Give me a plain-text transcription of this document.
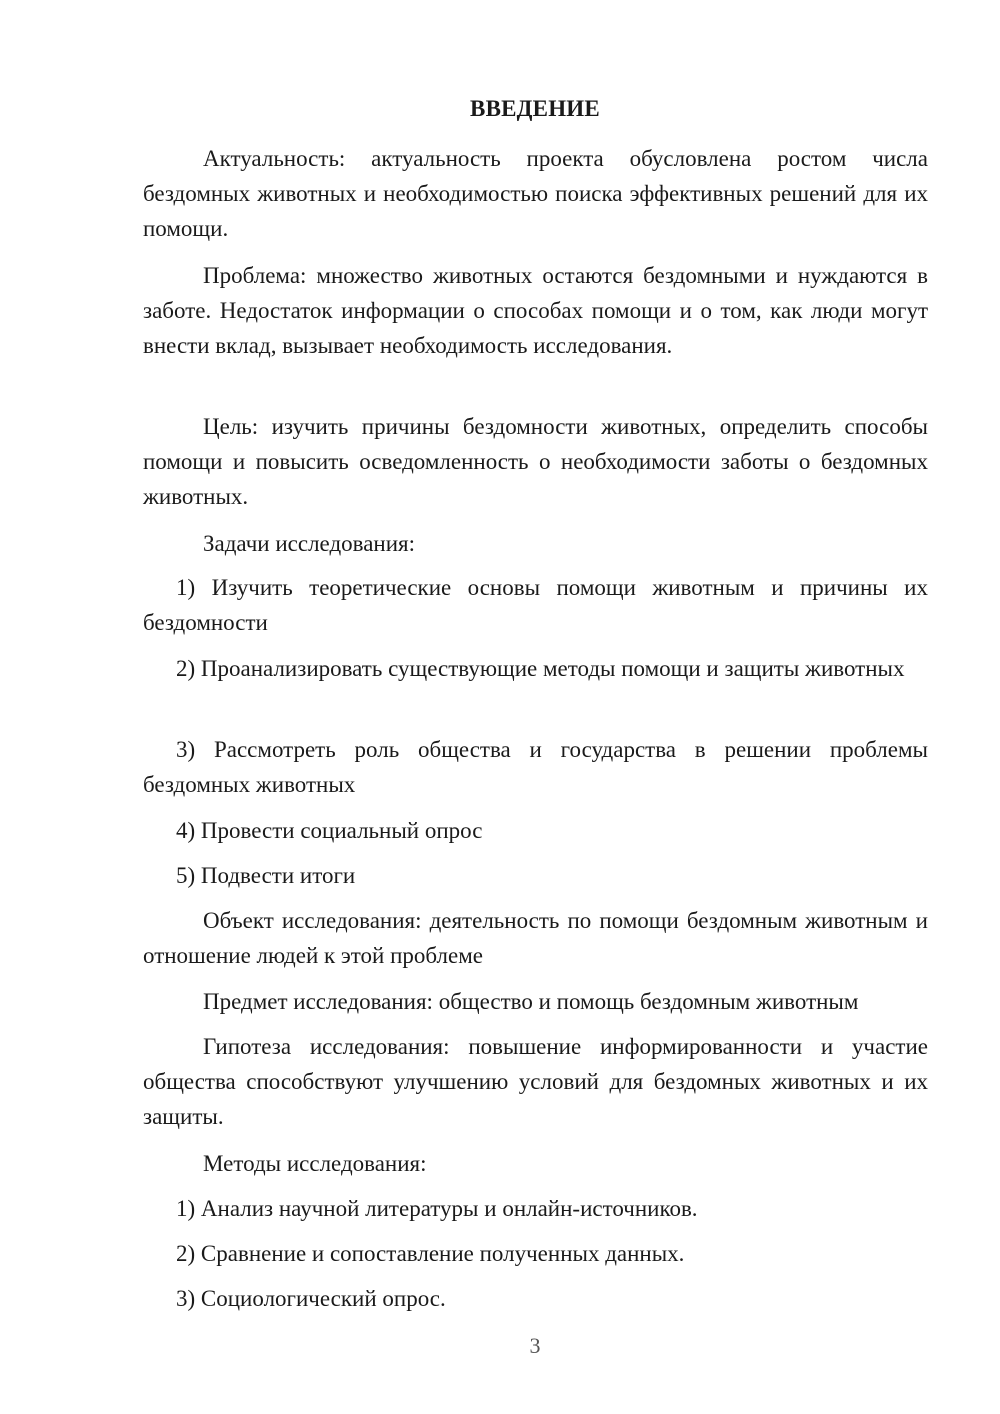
ВВЕДЕНИЕ

Актуальность: актуальность проекта обусловлена ростом числа бездомных животных и необходимостью поиска эффективных решений для их помощи.

Проблема: множество животных остаются бездомными и нуждаются в заботе. Недостаток информации о способах помощи и о том, как люди могут внести вклад, вызывает необходимость исследования.

Цель: изучить причины бездомности животных, определить способы помощи и повысить осведомленность о необходимости заботы о бездомных животных.

Задачи исследования:

1) Изучить теоретические основы помощи животным и причины их бездомности

2) Проанализировать существующие методы помощи и защиты животных

3) Рассмотреть роль общества и государства в решении проблемы бездомных животных

4) Провести социальный опрос

5) Подвести итоги

Объект исследования: деятельность по помощи бездомным животным и отношение людей к этой проблеме

Предмет исследования: общество и помощь бездомным животным

Гипотеза исследования: повышение информированности и участие общества способствуют улучшению условий для бездомных животных и их защиты.

Методы исследования:

1) Анализ научной литературы и онлайн-источников.

2) Сравнение и сопоставление полученных данных.

3) Социологический опрос.

3
